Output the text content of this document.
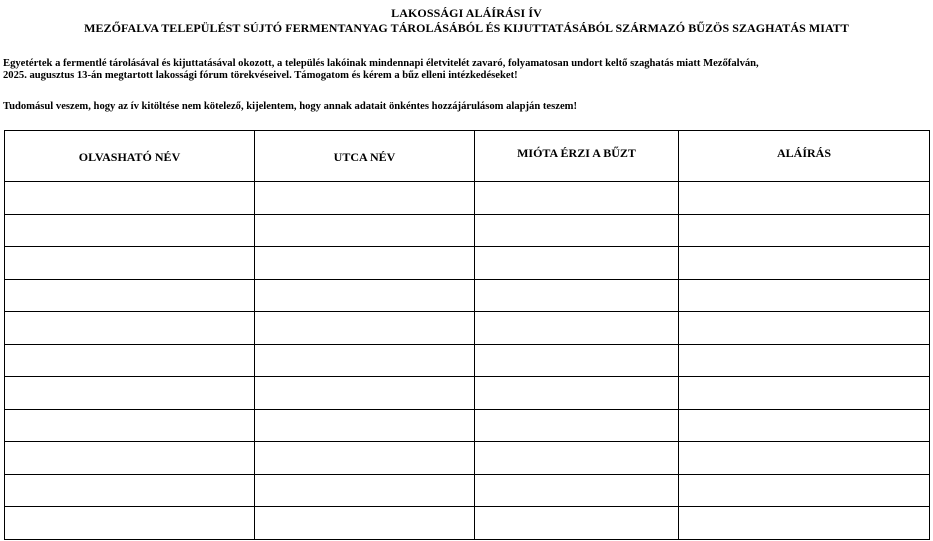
LAKOSSÁGI ALÁÍRÁSI ÍV
MEZŐFALVA TELEPÜLÉST SÚJTÓ FERMENTANYAG TÁROLÁSÁBÓL ÉS KIJUTTATÁSÁBÓL SZÁRMAZÓ BŰZÖS SZAGHATÁS MIATT
Egyetértek a fermentlé tárolásával és kijuttatásával okozott, a település lakóinak mindennapi életvitelét zavaró, folyamatosan undort keltő szaghatás miatt Mezőfalván,
2025. augusztus 13-án megtartott lakossági fórum törekvéseivel. Támogatom és kérem a bűz elleni intézkedéseket!
Tudomásul veszem, hogy az ív kitöltése nem kötelező, kijelentem, hogy annak adatait önkéntes hozzájárulásom alapján teszem!
OLVASHATÓ NÉV	UTCA NÉV	MIÓTA ÉRZI A BŰZT	ALÁÍRÁS
